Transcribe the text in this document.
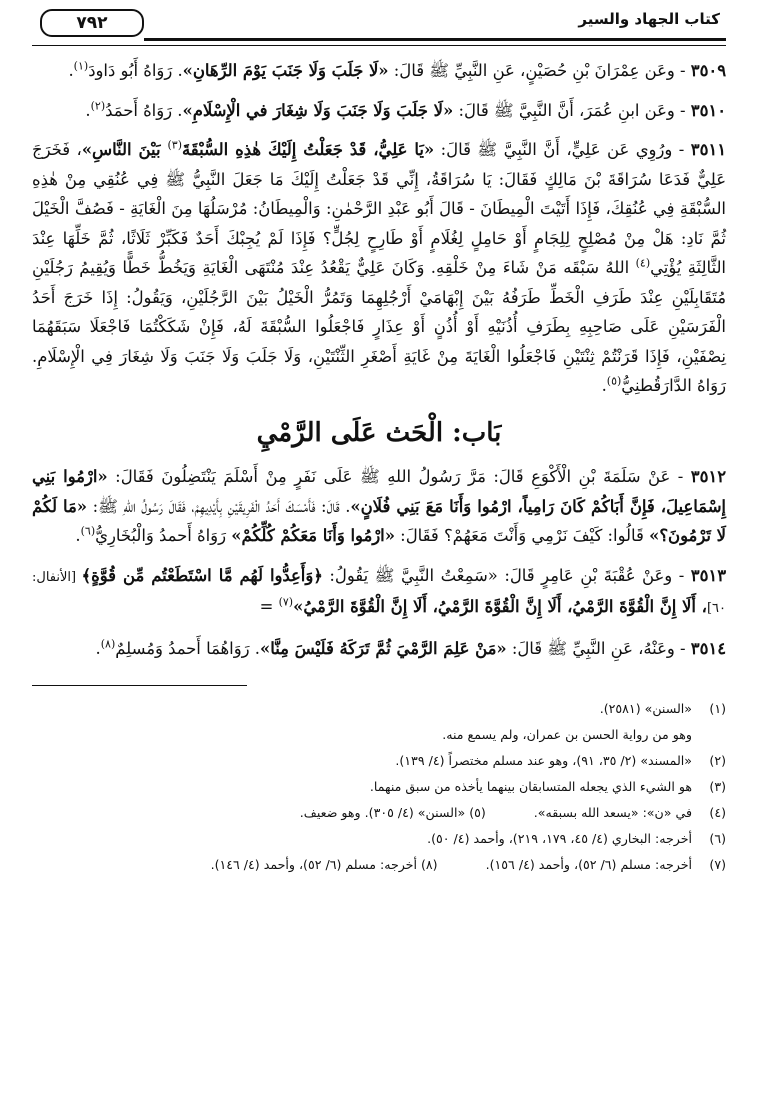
كتاب الجهاد والسير
٧٩٢

٣٥٠٩ - وعَن عِمْرَانَ بْنِ حُصَيْنٍ، عَنِ النَّبِيِّ ﷺ قَالَ: «لَا جَلَبَ وَلَا جَنَبَ يَوْمَ الرِّهَانِ». رَوَاهُ أَبُو دَاودَ$^{(١)}$.

٣٥١٠ - وعَن ابنِ عُمَرَ، أَنَّ النَّبِيَّ ﷺ قَالَ: «لَا جَلَبَ وَلَا جَنَبَ وَلَا شِغَارَ في الْإِسْلَامِ». رَوَاهُ أَحمَدُ$^{(٢)}$.

٣٥١١ - ورُوِي عَن عَلِيٍّ، أَنَّ النَّبِيَّ ﷺ قَالَ: «يَا عَلِيُّ، قَدْ جَعَلْتُ إِلَيْكَ هٰذِهِ السُّبْقَةَ$^{(٣)}$ بَيْنَ النَّاسِ»، فَخَرَجَ عَلِيٌّ فَدَعَا سُرَاقَةَ بْنَ مَالِكٍ فَقَالَ: يَا سُرَاقَةُ، إِنِّي قَدْ جَعَلْتُ إِلَيْكَ مَا جَعَلَ النَّبِيُّ ﷺ فِي عُنُقِي مِنْ هٰذِهِ السُّبْقَةِ فِي عُنُقِكَ، فَإِذَا أَتَيْتَ الْمِيطَانَ - قَالَ أَبُو عَبْدِ الرَّحْمٰنِ: وَالْمِيطَانُ: مُرْسَلُهَا مِنَ الْغَايَةِ - فَصُفَّ الْخَيْلَ ثُمَّ نَادِ: هَلْ مِنْ مُصْلِحٍ لِلِجَامٍ أَوْ حَامِلٍ لِغُلَامٍ أَوْ طَارِحٍ لِجُلٍّ؟ فَإِذَا لَمْ يُجِبْكَ أَحَدٌ فَكَبِّرْ ثَلَاثًا، ثُمَّ خَلِّهَا عِنْدَ الثَّالِثَةِ يُؤْتِي$^{(٤)}$ اللهُ سَبْقَه مَنْ شَاءَ مِنْ خَلْقِهِ. وَكَانَ عَلِيٌّ يَقْعُدُ عِنْدَ مُنْتَهَى الْغَايَةِ وَيَخُطُّ خَطًّا وَيُقِيمُ رَجُلَيْنِ مُتَقَابِلَيْنِ عِنْدَ طَرَفِ الْخَطِّ طَرَفُهُ بَيْنَ إِبْهَامَيْ أَرْجُلِهِمَا وَتَمُرُّ الْخَيْلُ بَيْنَ الرَّجُلَيْنِ، وَيَقُولُ: إِذَا خَرَجَ أَحَدُ الْفَرَسَيْنِ عَلَى صَاحِبِهِ بِطَرَفِ أُذُنَيْهِ أَوْ أُذُنٍ أَوْ عِذَارٍ فَاجْعَلُوا السُّبْقَةَ لَهُ، فَإِنْ شَكَكْتُمَا فَاجْعَلَا سَبَقَهُمَا نِصْفَيْنِ، فَإِذَا قَرَنْتُمْ ثِنْتَيْنِ فَاجْعَلُوا الْغَايَةَ مِنْ غَايَةِ أَصْغَرِ الثِّنْتَيْنِ، وَلَا جَلَبَ وَلَا جَنَبَ وَلَا شِغَارَ فِي الْإِسْلَامِ. رَوَاهُ الدَّارَقُطنِيُّ$^{(٥)}$.

بَاب: الْحَث عَلَى الرَّمْيِ

٣٥١٢ - عَنْ سَلَمَةَ بْنِ الْأَكْوَعِ قَالَ: مَرَّ رَسُولُ اللهِ ﷺ عَلَى نَفَرٍ مِنْ أَسْلَمَ يَنْتَضِلُونَ فَقَالَ: «ارْمُوا بَنِي إِسْمَاعِيلَ، فَإِنَّ أَبَاكُمْ كَانَ رَامِياً، ارْمُوا وَأَنَا مَعَ بَنِي فُلَانٍ». قَالَ: فَأَمْسَكَ أَحَدُ الْفَرِيقَيْنِ بِأَيْدِيهِمْ، فَقَالَ رَسُولُ اللهِ ﷺ: «مَا لَكُمْ لَا تَرْمُونَ؟» قَالُوا: كَيْفَ نَرْمِي وَأَنْتَ مَعَهُمْ؟ فَقَالَ: «ارْمُوا وَأَنَا مَعَكُمْ كُلِّكُمْ» رَوَاهُ أَحمدُ وَالْبُخَارِيُّ$^{(٦)}$.

٣٥١٣ - وعَنْ عُقْبَةَ بْنِ عَامِرٍ قَالَ: «سَمِعْتُ النَّبِيَّ ﷺ يَقُولُ: ﴿وَأَعِدُّوا لَهُم مَّا اسْتَطَعْتُم مِّن قُوَّةٍ﴾ [الأنفال: ٦٠]، أَلَا إِنَّ الْقُوَّةَ الرَّمْيُ، أَلَا إِنَّ الْقُوَّةَ الرَّمْيُ، أَلَا إِنَّ الْقُوَّةَ الرَّمْيُ»$^{(٧)}$ =

٣٥١٤ - وعَنْهُ، عَنِ النَّبِيِّ ﷺ قَالَ: «مَنْ عَلِمَ الرَّمْيَ ثُمَّ تَرَكَهُ فَلَيْسَ مِنَّا». رَوَاهُمَا أَحمدُ وَمُسلِمٌ$^{(٨)}$.

(١)
«السنن» (٢٥٨١).
وهو من رواية الحسن بن عمران، ولم يسمع منه.
(٢)
«المسند» (٢/ ٣٥، ٩١)، وهو عند مسلم مختصراً (٤/ ١٣٩).
(٣)
هو الشيء الذي يجعله المتسابقان بينهما يأخذه من سبق منهما.
(٤)
في «ن»: «يسعد الله بسبقه».(٥) «السنن» (٤/ ٣٠٥). وهو ضعيف.
(٦)
أخرجه: البخاري (٤/ ٤٥، ١٧٩، ٢١٩)، وأحمد (٤/ ٥٠).
(٧)
أخرجه: مسلم (٦/ ٥٢)، وأحمد (٤/ ١٥٦).(٨) أخرجه: مسلم (٦/ ٥٢)، وأحمد (٤/ ١٤٦).
